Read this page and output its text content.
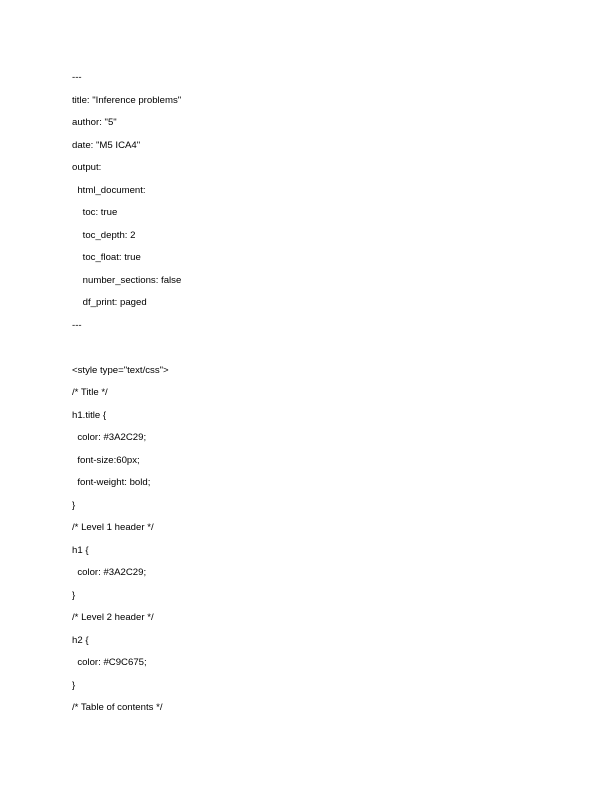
---
title: "Inference problems"
author: "5"
date: "M5 ICA4"
output:
html_document:
toc: true
toc_depth: 2
toc_float: true
number_sections: false
df_print: paged
---
<style type="text/css">
/* Title */
h1.title {
color: #3A2C29;
font-size:60px;
font-weight: bold;
}
/* Level 1 header */
h1 {
color: #3A2C29;
}
/* Level 2 header */
h2 {
color: #C9C675;
}
/* Table of contents */
